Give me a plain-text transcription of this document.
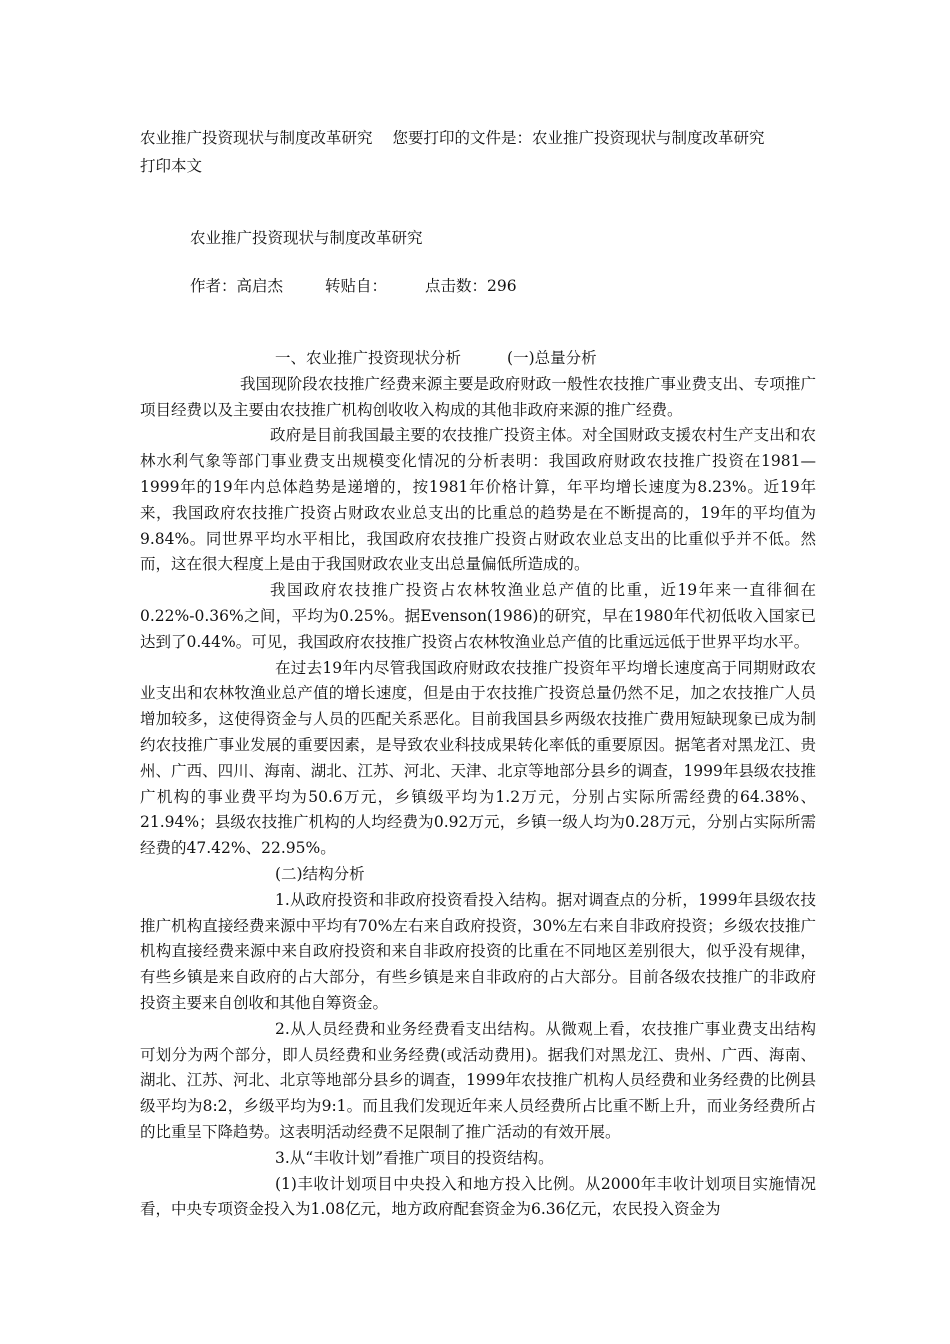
农业推广投资现状与制度改革研究 您要打印的文件是：农业推广投资现状与制度改革研究
打印本文
农业推广投资现状与制度改革研究
作者：高启杰	转贴自： 点击数：296

一、农业推广投资现状分析	(一)总量分析

我国现阶段农技推广经费来源主要是政府财政一般性农技推广事业费支出、专项推广项目经费以及主要由农技推广机构创收收入构成的其他非政府来源的推广经费。

政府是目前我国最主要的农技推广投资主体。对全国财政支援农村生产支出和农林水利气象等部门事业费支出规模变化情况的分析表明：我国政府财政农技推广投资在1981—1999年的19年内总体趋势是递增的，按1981年价格计算，年平均增长速度为8.23%。近19年来，我国政府农技推广投资占财政农业总支出的比重总的趋势是在不断提高的，19年的平均值为9.84%。同世界平均水平相比，我国政府农技推广投资占财政农业总支出的比重似乎并不低。然而，这在很大程度上是由于我国财政农业支出总量偏低所造成的。

我国政府农技推广投资占农林牧渔业总产值的比重，近19年来一直徘徊在0.22%-0.36%之间，平均为0.25%。据Evenson(1986)的研究，早在1980年代初低收入国家已达到了0.44%。可见，我国政府农技推广投资占农林牧渔业总产值的比重远远低于世界平均水平。

在过去19年内尽管我国政府财政农技推广投资年平均增长速度高于同期财政农业支出和农林牧渔业总产值的增长速度，但是由于农技推广投资总量仍然不足，加之农技推广人员增加较多，这使得资金与人员的匹配关系恶化。目前我国县乡两级农技推广费用短缺现象已成为制约农技推广事业发展的重要因素，是导致农业科技成果转化率低的重要原因。据笔者对黑龙江、贵州、广西、四川、海南、湖北、江苏、河北、天津、北京等地部分县乡的调查，1999年县级农技推广机构的事业费平均为50.6万元，乡镇级平均为1.2万元，分别占实际所需经费的64.38%、21.94%；县级农技推广机构的人均经费为0.92万元，乡镇一级人均为0.28万元，分别占实际所需经费的47.42%、22.95%。

(二)结构分析

1.从政府投资和非政府投资看投入结构。据对调查点的分析，1999年县级农技推广机构直接经费来源中平均有70%左右来自政府投资，30%左右来自非政府投资；乡级农技推广机构直接经费来源中来自政府投资和来自非政府投资的比重在不同地区差别很大，似乎没有规律，有些乡镇是来自政府的占大部分，有些乡镇是来自非政府的占大部分。目前各级农技推广的非政府投资主要来自创收和其他自筹资金。

2.从人员经费和业务经费看支出结构。从微观上看，农技推广事业费支出结构可划分为两个部分，即人员经费和业务经费(或活动费用)。据我们对黑龙江、贵州、广西、海南、湖北、江苏、河北、北京等地部分县乡的调查，1999年农技推广机构人员经费和业务经费的比例县级平均为8:2，乡级平均为9:1。而且我们发现近年来人员经费所占比重不断上升，而业务经费所占的比重呈下降趋势。这表明活动经费不足限制了推广活动的有效开展。

3.从“丰收计划”看推广项目的投资结构。

(1)丰收计划项目中央投入和地方投入比例。从2000年丰收计划项目实施情况看，中央专项资金投入为1.08亿元，地方政府配套资金为6.36亿元，农民投入资金为
